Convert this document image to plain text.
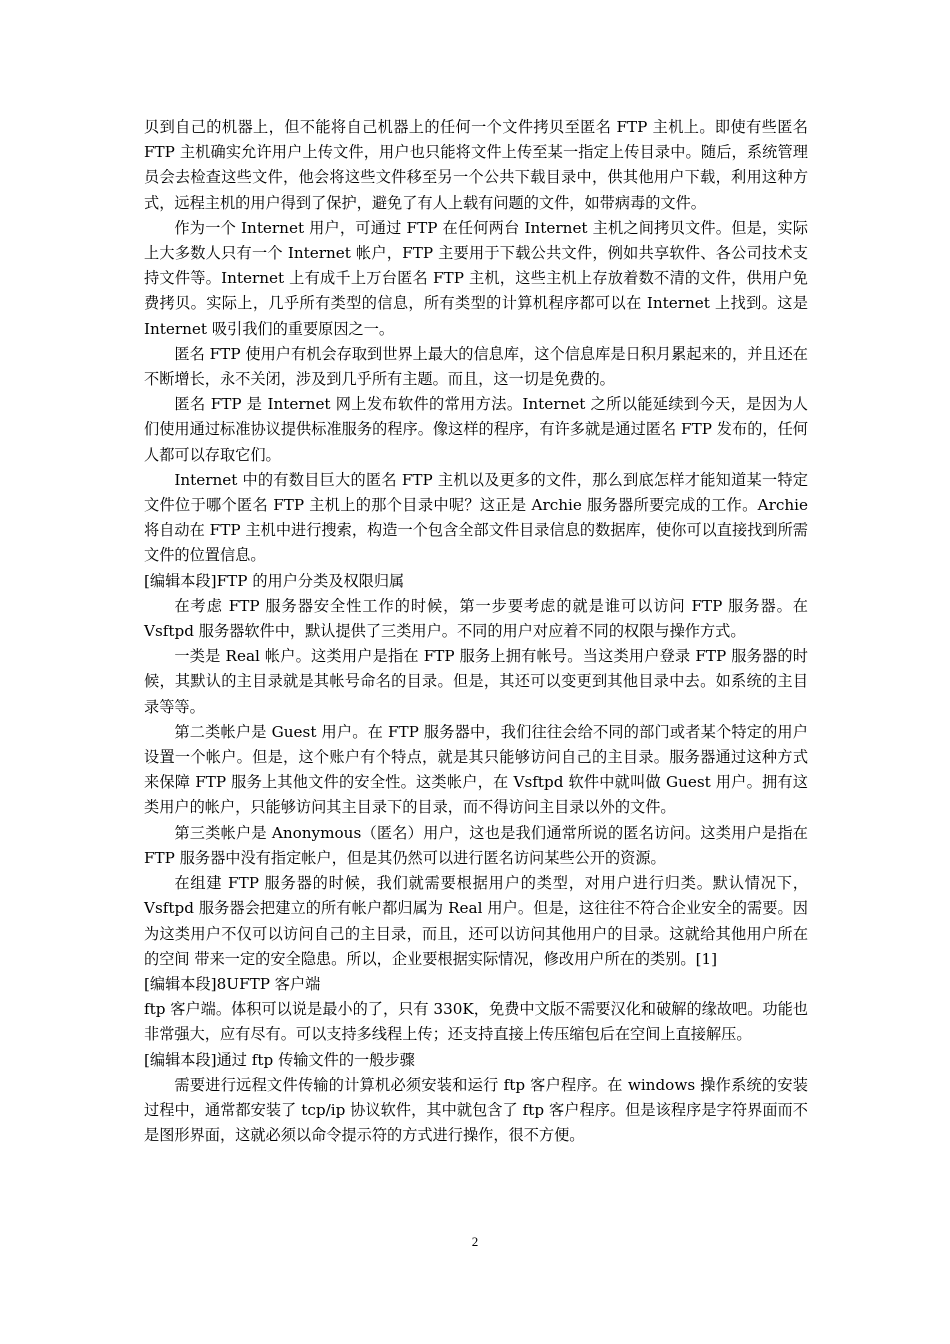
贝到自己的机器上，但不能将自己机器上的任何一个文件拷贝至匿名 FTP 主机上。即使有些匿名 FTP 主机确实允许用户上传文件，用户也只能将文件上传至某一指定上传目录中。随后，系统管理员会去检查这些文件，他会将这些文件移至另一个公共下载目录中，供其他用户下载，利用这种方式，远程主机的用户得到了保护，避免了有人上载有问题的文件，如带病毒的文件。

作为一个 Internet 用户，可通过 FTP 在任何两台 Internet 主机之间拷贝文件。但是，实际上大多数人只有一个 Internet 帐户，FTP 主要用于下载公共文件，例如共享软件、各公司技术支持文件等。Internet 上有成千上万台匿名 FTP 主机，这些主机上存放着数不清的文件，供用户免费拷贝。实际上，几乎所有类型的信息，所有类型的计算机程序都可以在 Internet 上找到。这是 Internet 吸引我们的重要原因之一。

匿名 FTP 使用户有机会存取到世界上最大的信息库，这个信息库是日积月累起来的，并且还在不断增长，永不关闭，涉及到几乎所有主题。而且，这一切是免费的。

匿名 FTP 是 Internet 网上发布软件的常用方法。Internet 之所以能延续到今天，是因为人们使用通过标准协议提供标准服务的程序。像这样的程序，有许多就是通过匿名 FTP 发布的，任何人都可以存取它们。

Internet 中的有数目巨大的匿名 FTP 主机以及更多的文件，那么到底怎样才能知道某一特定文件位于哪个匿名 FTP 主机上的那个目录中呢？这正是 Archie 服务器所要完成的工作。Archie 将自动在 FTP 主机中进行搜索，构造一个包含全部文件目录信息的数据库，使你可以直接找到所需文件的位置信息。

[编辑本段]FTP 的用户分类及权限归属

在考虑 FTP 服务器安全性工作的时候，第一步要考虑的就是谁可以访问 FTP 服务器。在 Vsftpd 服务器软件中，默认提供了三类用户。不同的用户对应着不同的权限与操作方式。

一类是 Real 帐户。这类用户是指在 FTP 服务上拥有帐号。当这类用户登录 FTP 服务器的时候，其默认的主目录就是其帐号命名的目录。但是，其还可以变更到其他目录中去。如系统的主目录等等。

第二类帐户是 Guest 用户。在 FTP 服务器中，我们往往会给不同的部门或者某个特定的用户设置一个帐户。但是，这个账户有个特点，就是其只能够访问自己的主目录。服务器通过这种方式来保障 FTP 服务上其他文件的安全性。这类帐户，在 Vsftpd 软件中就叫做 Guest 用户。拥有这类用户的帐户，只能够访问其主目录下的目录，而不得访问主目录以外的文件。

第三类帐户是 Anonymous（匿名）用户，这也是我们通常所说的匿名访问。这类用户是指在 FTP 服务器中没有指定帐户，但是其仍然可以进行匿名访问某些公开的资源。

在组建 FTP 服务器的时候，我们就需要根据用户的类型，对用户进行归类。默认情况下，Vsftpd 服务器会把建立的所有帐户都归属为 Real 用户。但是，这往往不符合企业安全的需要。因为这类用户不仅可以访问自己的主目录，而且，还可以访问其他用户的目录。这就给其他用户所在的空间 带来一定的安全隐患。所以，企业要根据实际情况，修改用户所在的类别。[1]

[编辑本段]8UFTP 客户端

ftp 客户端。体积可以说是最小的了，只有 330K，免费中文版不需要汉化和破解的缘故吧。功能也非常强大，应有尽有。可以支持多线程上传；还支持直接上传压缩包后在空间上直接解压。

[编辑本段]通过 ftp 传输文件的一般步骤

需要进行远程文件传输的计算机必须安装和运行 ftp 客户程序。在 windows 操作系统的安装过程中，通常都安装了 tcp/ip 协议软件，其中就包含了 ftp 客户程序。但是该程序是字符界面而不是图形界面，这就必须以命令提示符的方式进行操作，很不方便。

2
